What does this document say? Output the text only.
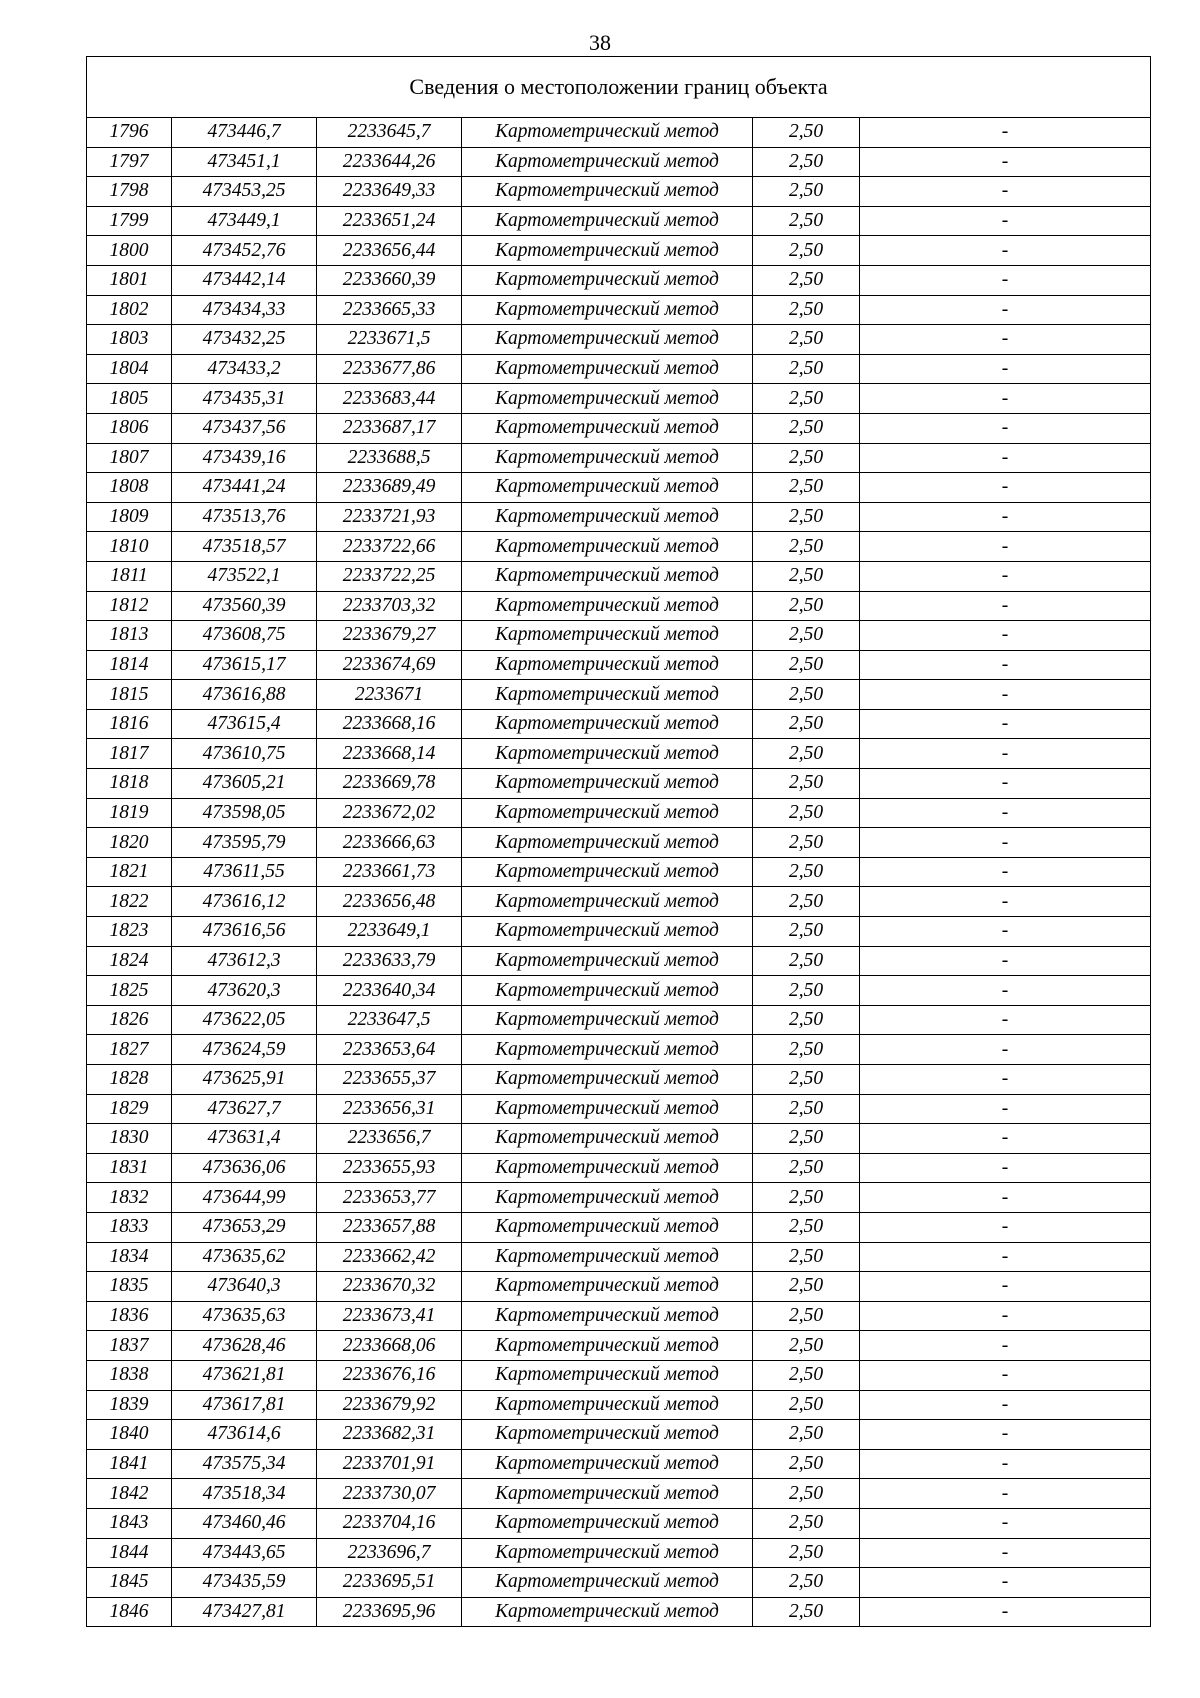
38
Сведения о местоположении границ объекта					
1796	473446,7	2233645,7	Картометрический метод	2,50	-
1797	473451,1	2233644,26	Картометрический метод	2,50	-
1798	473453,25	2233649,33	Картометрический метод	2,50	-
1799	473449,1	2233651,24	Картометрический метод	2,50	-
1800	473452,76	2233656,44	Картометрический метод	2,50	-
1801	473442,14	2233660,39	Картометрический метод	2,50	-
1802	473434,33	2233665,33	Картометрический метод	2,50	-
1803	473432,25	2233671,5	Картометрический метод	2,50	-
1804	473433,2	2233677,86	Картометрический метод	2,50	-
1805	473435,31	2233683,44	Картометрический метод	2,50	-
1806	473437,56	2233687,17	Картометрический метод	2,50	-
1807	473439,16	2233688,5	Картометрический метод	2,50	-
1808	473441,24	2233689,49	Картометрический метод	2,50	-
1809	473513,76	2233721,93	Картометрический метод	2,50	-
1810	473518,57	2233722,66	Картометрический метод	2,50	-
1811	473522,1	2233722,25	Картометрический метод	2,50	-
1812	473560,39	2233703,32	Картометрический метод	2,50	-
1813	473608,75	2233679,27	Картометрический метод	2,50	-
1814	473615,17	2233674,69	Картометрический метод	2,50	-
1815	473616,88	2233671	Картометрический метод	2,50	-
1816	473615,4	2233668,16	Картометрический метод	2,50	-
1817	473610,75	2233668,14	Картометрический метод	2,50	-
1818	473605,21	2233669,78	Картометрический метод	2,50	-
1819	473598,05	2233672,02	Картометрический метод	2,50	-
1820	473595,79	2233666,63	Картометрический метод	2,50	-
1821	473611,55	2233661,73	Картометрический метод	2,50	-
1822	473616,12	2233656,48	Картометрический метод	2,50	-
1823	473616,56	2233649,1	Картометрический метод	2,50	-
1824	473612,3	2233633,79	Картометрический метод	2,50	-
1825	473620,3	2233640,34	Картометрический метод	2,50	-
1826	473622,05	2233647,5	Картометрический метод	2,50	-
1827	473624,59	2233653,64	Картометрический метод	2,50	-
1828	473625,91	2233655,37	Картометрический метод	2,50	-
1829	473627,7	2233656,31	Картометрический метод	2,50	-
1830	473631,4	2233656,7	Картометрический метод	2,50	-
1831	473636,06	2233655,93	Картометрический метод	2,50	-
1832	473644,99	2233653,77	Картометрический метод	2,50	-
1833	473653,29	2233657,88	Картометрический метод	2,50	-
1834	473635,62	2233662,42	Картометрический метод	2,50	-
1835	473640,3	2233670,32	Картометрический метод	2,50	-
1836	473635,63	2233673,41	Картометрический метод	2,50	-
1837	473628,46	2233668,06	Картометрический метод	2,50	-
1838	473621,81	2233676,16	Картометрический метод	2,50	-
1839	473617,81	2233679,92	Картометрический метод	2,50	-
1840	473614,6	2233682,31	Картометрический метод	2,50	-
1841	473575,34	2233701,91	Картометрический метод	2,50	-
1842	473518,34	2233730,07	Картометрический метод	2,50	-
1843	473460,46	2233704,16	Картометрический метод	2,50	-
1844	473443,65	2233696,7	Картометрический метод	2,50	-
1845	473435,59	2233695,51	Картометрический метод	2,50	-
1846	473427,81	2233695,96	Картометрический метод	2,50	-
